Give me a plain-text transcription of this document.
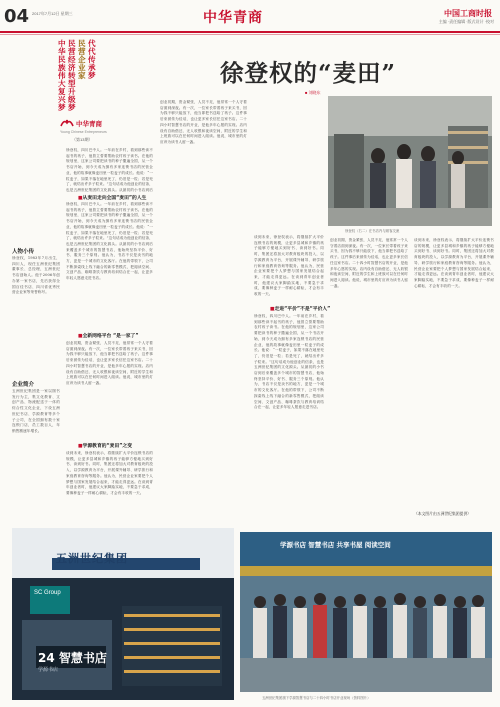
04 2017年7月12日 星期三	中华青商	中国工商时报
主编 ·责任编辑 ·版式设计 ·校对
中华民族伟大复兴梦
民营经济转型升级梦
民营企业家
代代传承梦
中华青商
Young Chinese Entrepreneurs
（第13期）
徐登权的“麦田”
■ 刘晓东
人物小传
徐登权，1983年7月出生，四川人，现任五洲世纪集团董事长、总经理，五洲世纪书店创始人。他于2006年创办第一家书店，先后获得全国百佳书店、四川省优秀民营企业家等荣誉称号。
企业简介
五洲世纪集团是一家以图书发行为主，集文化教育、文创产品、物流配送于一体的综合性文化企业，下设五洲世纪书店、学源教育等多个子公司，在全国拥有数十家连锁门店，员工数百人，年销售额逐年增长。
徐登权，四川巴中人。一年前在乡村，看到那些读不起书的孩子，他曾立誓要帮助农村孩子读书。在他的规划里，这家公司要把读书的种子撒遍全国，从一个书店开始，到今天成为拥有多家连锁书店的民营企业，他的故事就像麦田里一粒麦子的成长。他说：“一粒麦子，如果不落在地里死了，仍旧是一粒；若是死了，就结出许多子粒来。”这句话成为他创业的信条，也是五洲世纪集团的文化源头。从最初的小书店到后
■从麦田走向全国“麦田”的人生
徐登权，四川巴中人。一年前在乡村，看到那些读不起书的孩子，他曾立誓要帮助农村孩子读书。在他的规划里，这家公司要把读书的种子撒遍全国，从一个书店开始，到今天成为拥有多家连锁书店的民营企业，他的故事就像麦田里一粒麦子的成长。他说：“一粒麦子，如果不落在地里死了，仍旧是一粒；若是死了，就结出许多子粒来。”这句话成为他创业的信条，也是五洲世纪集团的文化源头。从最初的小书店到后来覆盖多个城市的智慧书店，他始终坚持平价、好书、服务三个原则。他认为，书店不仅是卖书的地方，更是一个城市的文化客厅。在他的带领下，公司不断探索线上线下融合的新零售模式，把阅读空间、文创产品、咖啡茶饮与教育培训结合在一起，让更多年轻人愿意走进书店。
■全新网络平台 “是一家了”
创业初期，资金紧张，人员不足，他常常一个人守着店面到深夜。有一次，一位家长带着孩子来买书，因为钱不够只能放下，他当即把书送给了孩子。这件事后来被传为佳话，也让更多家长信任这家书店。二十四小时智慧书店的开业，是他多年心愿的实现。店内设有自助借还、无人收银和夜读空间，附近的学生和上班族可以在任何时间进入阅读。他说，城市里的灯应该为读书人留一盏。
■学源教育的“麦田”之变
谈到未来，徐登权表示，将继续扩大平价连锁书店的规模，让更多县城和乡镇的孩子能够方便地买到好书、读到好书。同时，集团还将加大对教育板块的投入，以学源教育为平台，开展课外辅导、研学旅行和家庭教育咨询等服务。他认为，民营企业家要把个人梦想与国家发展结合起来，才能走得更远。在谈到青年创业者时，他建议大家脚踏实地，不要急于求成，要像种麦子一样耐心耕耘，才会有丰收的一天。
创业初期，资金紧张，人员不足，他常常一个人守着店面到深夜。有一次，一位家长带着孩子来买书，因为钱不够只能放下，他当即把书送给了孩子。这件事后来被传为佳话，也让更多家长信任这家书店。二十四小时智慧书店的开业，是他多年心愿的实现。店内设有自助借还、无人收银和夜读空间，附近的学生和上班族可以在任何时间进入阅读。他说，城市里的灯应该为读书人留一盏。
徐登权（右二）在书店内与顾客交流
■走进“平价”不是“平价人”
谈到未来，徐登权表示，将继续扩大平价连锁书店的规模，让更多县城和乡镇的孩子能够方便地买到好书、读到好书。同时，集团还将加大对教育板块的投入，以学源教育为平台，开展课外辅导、研学旅行和家庭教育咨询等服务。他认为，民营企业家要把个人梦想与国家发展结合起来，才能走得更远。在谈到青年创业者时，他建议大家脚踏实地，不要急于求成，要像种麦子一样耐心耕耘，才会有丰收的一天。
徐登权，四川巴中人。一年前在乡村，看到那些读不起书的孩子，他曾立誓要帮助农村孩子读书。在他的规划里，这家公司要把读书的种子撒遍全国，从一个书店开始，到今天成为拥有多家连锁书店的民营企业，他的故事就像麦田里一粒麦子的成长。他说：“一粒麦子，如果不落在地里死了，仍旧是一粒；若是死了，就结出许多子粒来。”这句话成为他创业的信条，也是五洲世纪集团的文化源头。从最初的小书店到后来覆盖多个城市的智慧书店，他始终坚持平价、好书、服务三个原则。他认为，书店不仅是卖书的地方，更是一个城市的文化客厅。在他的带领下，公司不断探索线上线下融合的新零售模式，把阅读空间、文创产品、咖啡茶饮与教育培训结合在一起，让更多年轻人愿意走进书店。
创业初期，资金紧张，人员不足，他常常一个人守着店面到深夜。有一次，一位家长带着孩子来买书，因为钱不够只能放下，他当即把书送给了孩子。这件事后来被传为佳话，也让更多家长信任这家书店。二十四小时智慧书店的开业，是他多年心愿的实现。店内设有自助借还、无人收银和夜读空间，附近的学生和上班族可以在任何时间进入阅读。他说，城市里的灯应该为读书人留一盏。
谈到未来，徐登权表示，将继续扩大平价连锁书店的规模，让更多县城和乡镇的孩子能够方便地买到好书、读到好书。同时，集团还将加大对教育板块的投入，以学源教育为平台，开展课外辅导、研学旅行和家庭教育咨询等服务。他认为，民营企业家要把个人梦想与国家发展结合起来，才能走得更远。在谈到青年创业者时，他建议大家脚踏实地，不要急于求成，要像种麦子一样耐心耕耘，才会有丰收的一天。
（本文图片由五洲世纪集团提供）
五洲世纪集团
SC Group
24 智慧书店
学源书店
学源书店 智慧书店 共享书屋 阅读空间
五洲世纪集团旗下学源智慧书店与二十四小时书店开业现场（资料图片）
